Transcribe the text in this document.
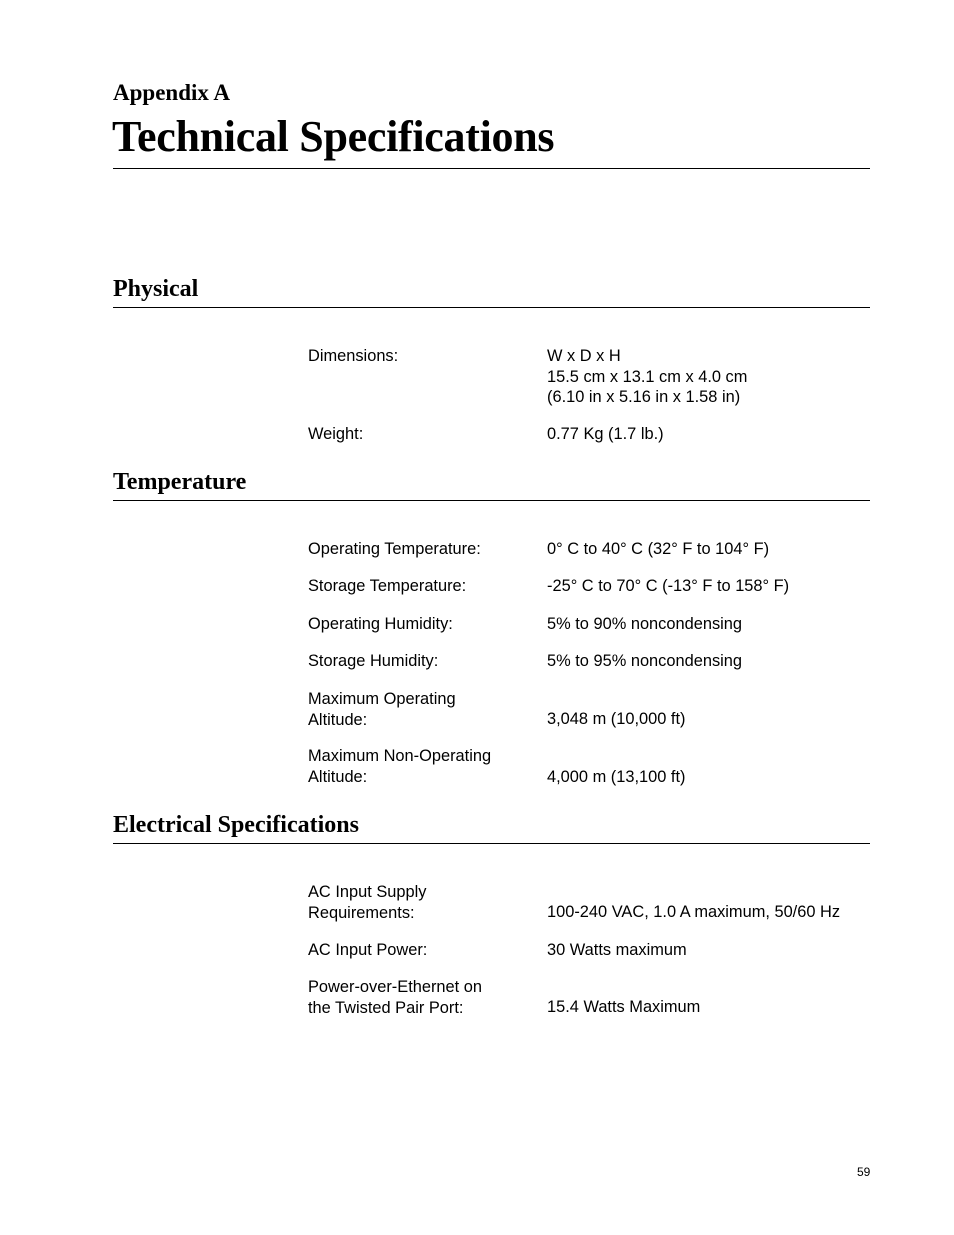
Appendix A
Technical Specifications
Physical
Dimensions:	W x D x H
15.5 cm x 13.1 cm x 4.0 cm
(6.10 in x 5.16 in x 1.58 in)
Weight:	0.77 Kg (1.7 lb.)
Temperature
Operating Temperature:	0° C to 40° C (32° F to 104° F)
Storage Temperature:	-25° C to 70° C (-13° F to 158° F)
Operating Humidity:	5% to 90% noncondensing
Storage Humidity:	5% to 95% noncondensing
Maximum Operating
Altitude:	3,048 m (10,000 ft)
Maximum Non-Operating
Altitude:	4,000 m (13,100 ft)
Electrical Specifications
AC Input Supply
Requirements:	100-240 VAC, 1.0 A maximum, 50/60 Hz
AC Input Power:	30 Watts maximum
Power-over-Ethernet on
the Twisted Pair Port:	15.4 Watts Maximum
59
